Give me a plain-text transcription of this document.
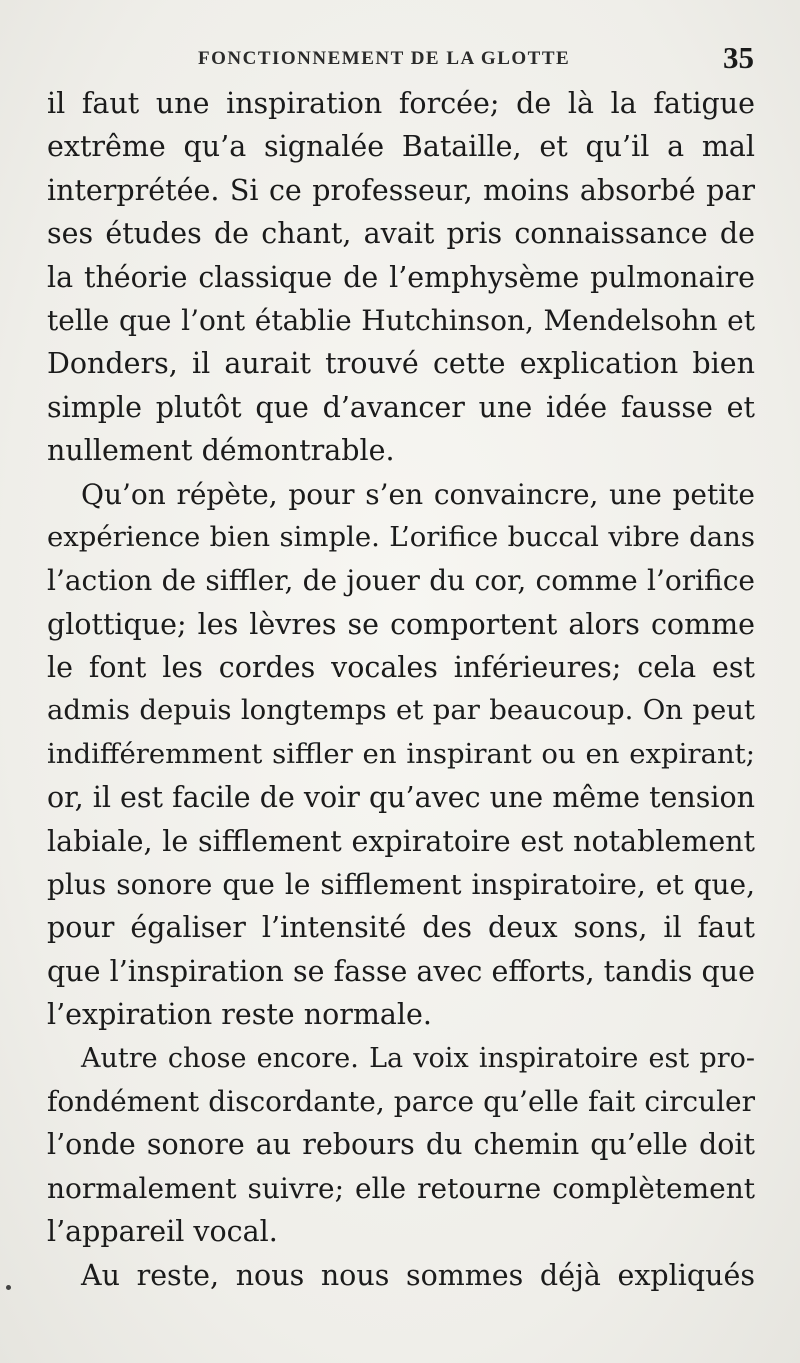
FONCTIONNEMENT DE LA GLOTTE	35
il faut une inspiration forcée; de là la fatigue
extrême qu’a signalée Bataille, et qu’il a mal
interprétée. Si ce professeur, moins absorbé par
ses études de chant, avait pris connaissance de
la théorie classique de l’emphysème pulmonaire
telle que l’ont établie Hutchinson, Mendelsohn et
Donders, il aurait trouvé cette explication bien
simple plutôt que d’avancer une idée fausse et
nullement démontrable.
Qu’on répète, pour s’en convaincre, une petite
expérience bien simple. L’orifice buccal vibre dans
l’action de siffler, de jouer du cor, comme l’orifice
glottique; les lèvres se comportent alors comme
le font les cordes vocales inférieures; cela est
admis depuis longtemps et par beaucoup. On peut
indifféremment siffler en inspirant ou en expirant;
or, il est facile de voir qu’avec une même tension
labiale, le sifflement expiratoire est notablement
plus sonore que le sifflement inspiratoire, et que,
pour égaliser l’intensité des deux sons, il faut
que l’inspiration se fasse avec efforts, tandis que
l’expiration reste normale.
Autre chose encore. La voix inspiratoire est pro-
fondément discordante, parce qu’elle fait circuler
l’onde sonore au rebours du chemin qu’elle doit
normalement suivre; elle retourne complètement
l’appareil vocal.
Au reste, nous nous sommes déjà expliqués
